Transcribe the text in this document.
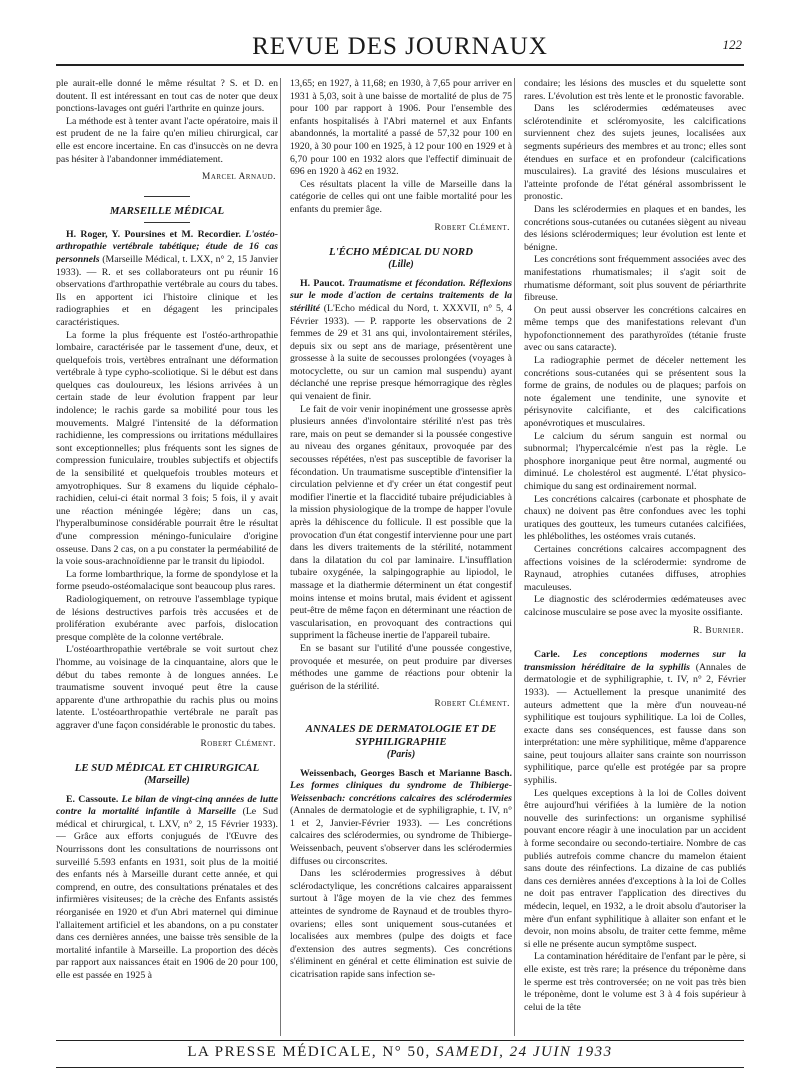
REVUE DES JOURNAUX	122

ple aurait-elle donné le même résultat ? S. et D. en doutent. Il est intéressant en tout cas de noter que deux ponctions-lavages ont guéri l'arthrite en quinze jours.

La méthode est à tenter avant l'acte opératoire, mais il est prudent de ne la faire qu'en milieu chirurgical, car elle est encore incertaine. En cas d'insuccès on ne devra pas hésiter à l'abandonner immédiatement.

Marcel Arnaud.
MARSEILLE MÉDICAL

H. Roger, Y. Poursines et M. Recordier. L'ostéo-arthropathie vertébrale tabétique; étude de 16 cas personnels (Marseille Médical, t. LXX, n° 2, 15 Janvier 1933). — R. et ses collaborateurs ont pu réunir 16 observations d'arthropathie vertébrale au cours du tabes. Ils en apportent ici l'histoire clinique et les radiographies et en dégagent les principales caractéristiques.

La forme la plus fréquente est l'ostéo-arthropathie lombaire, caractérisée par le tassement d'une, deux, et quelquefois trois, vertèbres entraînant une déformation vertébrale à type cypho-scoliotique. Si le début est dans quelques cas douloureux, les lésions arrivées à un certain stade de leur évolution frappent par leur indolence; le rachis garde sa mobilité pour tous les mouvements. Malgré l'intensité de la déformation rachidienne, les compressions ou irritations médullaires sont exceptionnelles; plus fréquents sont les signes de compression funiculaire, troubles subjectifs et objectifs de la sensibilité et quelquefois troubles moteurs et amyotrophiques. Sur 8 examens du liquide céphalo-rachidien, celui-ci était normal 3 fois; 5 fois, il y avait une réaction méningée légère; dans un cas, l'hyperalbuminose considérable pourrait être le résultat d'une compression méningo-funiculaire d'origine osseuse. Dans 2 cas, on a pu constater la perméabilité de la voie sous-arachnoïdienne par le transit du lipiodol.

La forme lombarthrique, la forme de spondylose et la forme pseudo-ostéomalacique sont beaucoup plus rares.

Radiologiquement, on retrouve l'assemblage typique de lésions destructives parfois très accusées et de prolifération exubérante avec parfois, dislocation presque complète de la colonne vertébrale.

L'ostéoarthropathie vertébrale se voit surtout chez l'homme, au voisinage de la cinquantaine, alors que le début du tabes remonte à de longues années. Le traumatisme souvent invoqué peut être la cause apparente d'une arthropathie du rachis plus ou moins latente. L'ostéoarthropathie vertébrale ne paraît pas aggraver d'une façon considérable le pronostic du tabes.

Robert Clément.
LE SUD MÉDICAL ET CHIRURGICAL
(Marseille)

E. Cassoute. Le bilan de vingt-cinq années de lutte contre la mortalité infantile à Marseille (Le Sud médical et chirurgical, t. LXV, n° 2, 15 Février 1933). — Grâce aux efforts conjugués de l'Œuvre des Nourrissons dont les consultations de nourrissons ont surveillé 5.593 enfants en 1931, soit plus de la moitié des enfants nés à Marseille durant cette année, et qui comprend, en outre, des consultations prénatales et des infirmières visiteuses; de la crèche des Enfants assistés réorganisée en 1920 et d'un Abri maternel qui diminue l'allaitement artificiel et les abandons, on a pu constater dans ces dernières années, une baisse très sensible de la mortalité infantile à Marseille. La proportion des décès par rapport aux naissances était en 1906 de 20 pour 100, elle est passée en 1925 à

13,65; en 1927, à 11,68; en 1930, à 7,65 pour arriver en 1931 à 5,03, soit à une baisse de mortalité de plus de 75 pour 100 par rapport à 1906. Pour l'ensemble des enfants hospitalisés à l'Abri maternel et aux Enfants abandonnés, la mortalité a passé de 57,32 pour 100 en 1920, à 30 pour 100 en 1925, à 12 pour 100 en 1929 et à 6,70 pour 100 en 1932 alors que l'effectif diminuait de 696 en 1920 à 462 en 1932.

Ces résultats placent la ville de Marseille dans la catégorie de celles qui ont une faible mortalité pour les enfants du premier âge.

Robert Clément.
L'ÉCHO MÉDICAL DU NORD
(Lille)

H. Paucot. Traumatisme et fécondation. Réflexions sur le mode d'action de certains traitements de la stérilité (L'Echo médical du Nord, t. XXXVII, n° 5, 4 Février 1933). — P. rapporte les observations de 2 femmes de 29 et 31 ans qui, involontairement stériles, depuis six ou sept ans de mariage, présentèrent une grossesse à la suite de secousses prolongées (voyages à motocyclette, ou sur un camion mal suspendu) ayant déclanché une reprise presque hémorragique des règles qui venaient de finir.

Le fait de voir venir inopinément une grossesse après plusieurs années d'involontaire stérilité n'est pas très rare, mais on peut se demander si la poussée congestive au niveau des organes génitaux, provoquée par des secousses répétées, n'est pas susceptible de favoriser la fécondation. Un traumatisme susceptible d'intensifier la circulation pelvienne et d'y créer un état congestif peut modifier l'inertie et la flaccidité tubaire préjudiciables à la mission physiologique de la trompe de happer l'ovule après la déhiscence du follicule. Il est possible que la provocation d'un état congestif intervienne pour une part dans les divers traitements de la stérilité, notamment dans la dilatation du col par laminaire. L'insufflation tubaire oxygénée, la salpingographie au lipiodol, le massage et la diathermie déterminent un état congestif moins intense et moins brutal, mais évident et agissent peut-être de même façon en déterminant une réaction de vascularisation, en provoquant des contractions qui suppriment la fâcheuse inertie de l'appareil tubaire.

En se basant sur l'utilité d'une poussée congestive, provoquée et mesurée, on peut produire par diverses méthodes une gamme de réactions pour obtenir la guérison de la stérilité.

Robert Clément.
ANNALES DE DERMATOLOGIE ET DE SYPHILIGRAPHIE
(Paris)

Weissenbach, Georges Basch et Marianne Basch. Les formes cliniques du syndrome de Thibierge-Weissenbach: concrétions calcaires des sclérodermies (Annales de dermatologie et de syphiligraphie, t. IV, n° 1 et 2, Janvier-Février 1933). — Les concrétions calcaires des sclérodermies, ou syndrome de Thibierge-Weissenbach, peuvent s'observer dans les sclérodermies diffuses ou circonscrites.

Dans les sclérodermies progressives à début sclérodactylique, les concrétions calcaires apparaissent surtout à l'âge moyen de la vie chez des femmes atteintes de syndrome de Raynaud et de troubles thyro-ovariens; elles sont uniquement sous-cutanées et localisées aux membres (pulpe des doigts et face d'extension des autres segments). Ces concrétions s'éliminent en général et cette élimination est suivie de cicatrisation rapide sans infection se-

condaire; les lésions des muscles et du squelette sont rares. L'évolution est très lente et le pronostic favorable.

Dans les sclérodermies œdémateuses avec sclérotendinite et scléromyosite, les calcifications surviennent chez des sujets jeunes, localisées aux segments supérieurs des membres et au tronc; elles sont étendues en surface et en profondeur (calcifications musculaires). La gravité des lésions musculaires et l'atteinte profonde de l'état général assombrissent le pronostic.

Dans les sclérodermies en plaques et en bandes, les concrétions sous-cutanées ou cutanées siègent au niveau des lésions sclérodermiques; leur évolution est lente et bénigne.

Les concrétions sont fréquemment associées avec des manifestations rhumatismales; il s'agit soit de rhumatisme déformant, soit plus souvent de périarthrite fibreuse.

On peut aussi observer les concrétions calcaires en même temps que des manifestations relevant d'un hypofonctionnement des parathyroïdes (tétanie fruste avec ou sans cataracte).

La radiographie permet de déceler nettement les concrétions sous-cutanées qui se présentent sous la forme de grains, de nodules ou de plaques; parfois on note également une tendinite, une synovite et périsynovite calcifiante, et des calcifications aponévrotiques et musculaires.

Le calcium du sérum sanguin est normal ou subnormal; l'hypercalcémie n'est pas la règle. Le phosphore inorganique peut être normal, augmenté ou diminué. Le cholestérol est augmenté. L'état physico-chimique du sang est ordinairement normal.

Les concrétions calcaires (carbonate et phosphate de chaux) ne doivent pas être confondues avec les tophi uratiques des goutteux, les tumeurs cutanées calcifiées, les phlébolithes, les ostéomes vrais cutanés.

Certaines concrétions calcaires accompagnent des affections voisines de la sclérodermie: syndrome de Raynaud, atrophies cutanées diffuses, atrophies maculeuses.

Le diagnostic des sclérodermies œdémateuses avec calcinose musculaire se pose avec la myosite ossifiante.

R. Burnier.

Carle. Les conceptions modernes sur la transmission héréditaire de la syphilis (Annales de dermatologie et de syphiligraphie, t. IV, n° 2, Février 1933). — Actuellement la presque unanimité des auteurs admettent que la mère d'un nouveau-né syphilitique est toujours syphilitique. La loi de Colles, exacte dans ses conséquences, est fausse dans son interprétation: une mère syphilitique, même d'apparence saine, peut toujours allaiter sans crainte son nourrisson syphilitique, parce qu'elle est protégée par sa propre syphilis.

Les quelques exceptions à la loi de Colles doivent être aujourd'hui vérifiées à la lumière de la notion nouvelle des surinfections: un organisme syphilisé pouvant encore réagir à une inoculation par un accident à forme secondaire ou secondo-tertiaire. Nombre de cas publiés autrefois comme chancre du mamelon étaient sans doute des réinfections. La dizaine de cas publiés dans ces dernières années d'exceptions à la loi de Colles ne doit pas entraver l'application des directives du médecin, lequel, en 1932, a le droit absolu d'autoriser la mère d'un enfant syphilitique à allaiter son enfant et le devoir, non moins absolu, de traiter cette femme, même si elle ne présente aucun symptôme suspect.

La contamination héréditaire de l'enfant par le père, si elle existe, est très rare; la présence du tréponème dans le sperme est très controversée; on ne voit pas très bien le tréponème, dont le volume est 3 à 4 fois supérieur à celui de la tête

LA PRESSE MÉDICALE, N° 50, SAMEDI, 24 JUIN 1933
